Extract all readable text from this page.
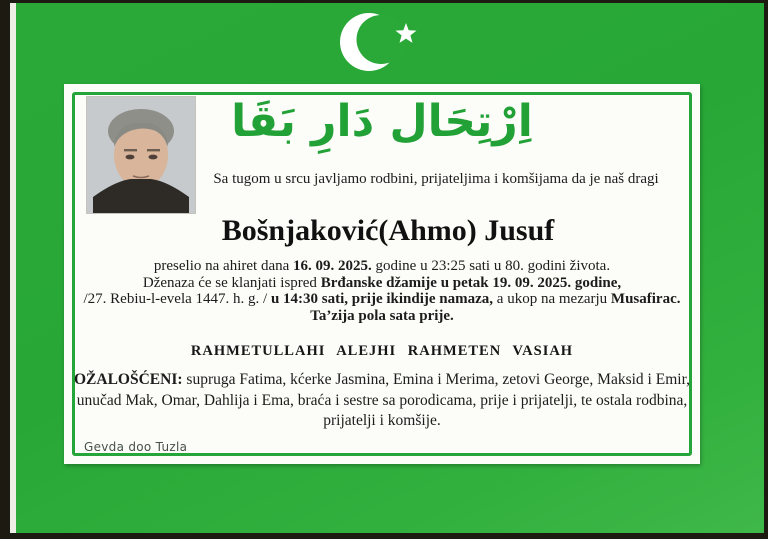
اِرْتِحَال دَارِ بَقَا
Sa tugom u srcu javljamo rodbini, prijateljima i komšijama da je naš dragi
Bošnjaković(Ahmo) Jusuf
preselio na ahiret dana 16. 09. 2025. godine u 23:25 sati u 80. godini života.
Dženaza će se klanjati ispred Brđanske džamije u petak 19. 09. 2025. godine,
/27. Rebiu-l-evela 1447. h. g. / u 14:30 sati, prije ikindije namaza, a ukop na mezarju Musafirac.
Ta’zija pola sata prije.
RAHMETULLAHI ALEJHI RAHMETEN VASIAH
OŽALOŠĆENI: supruga Fatima, kćerke Jasmina, Emina i Merima, zetovi George, Maksid i Emir, unučad Mak, Omar, Dahlija i Ema, braća i sestre sa porodicama, prije i prijatelji, te ostala rodbina, prijatelji i komšije.
Gevda doo Tuzla
